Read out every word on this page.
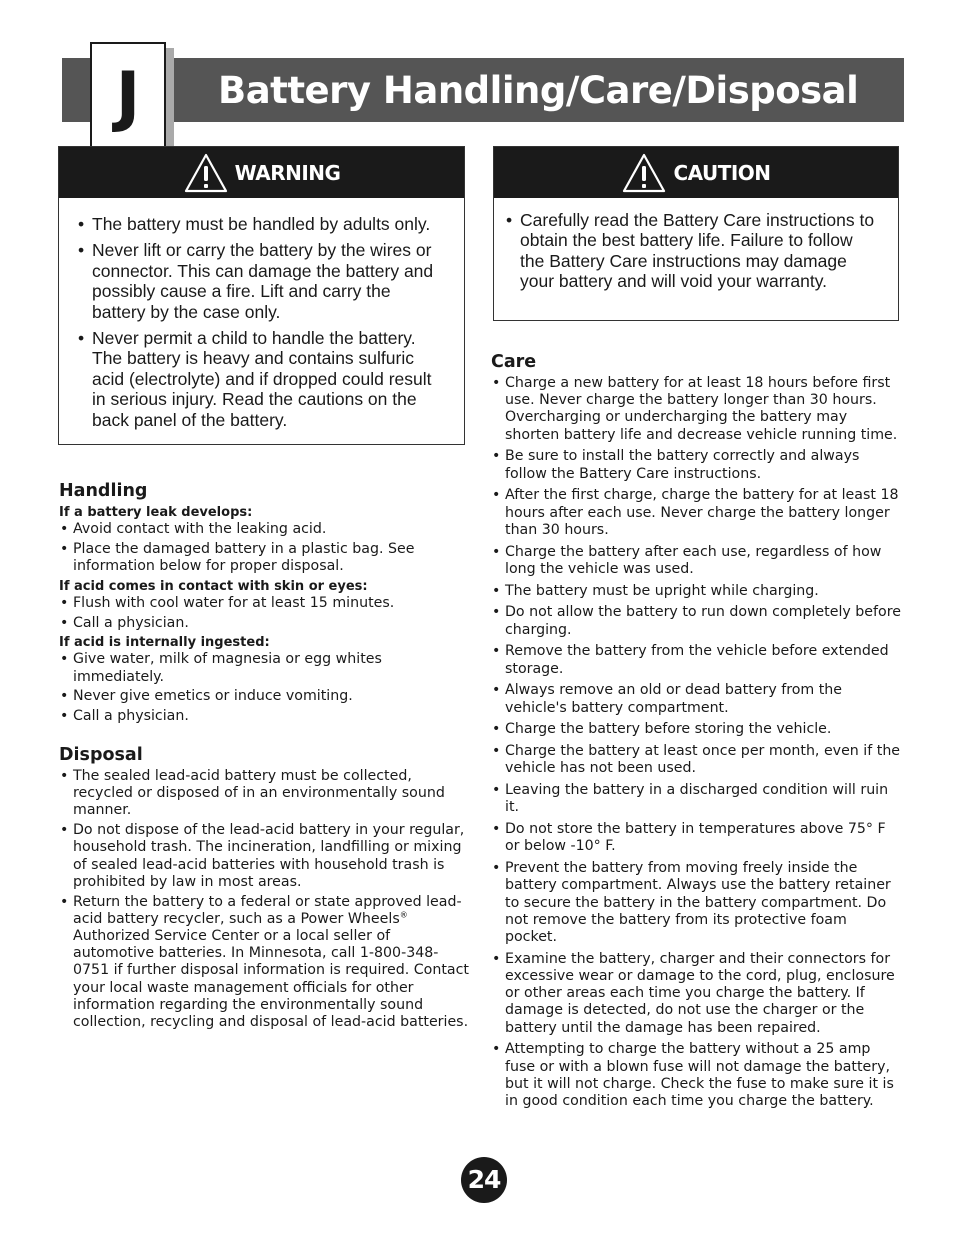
Battery Handling/Care/Disposal
J
WARNING
• The battery must be handled by adults only.
• Never lift or carry the battery by the wires or connector. This can damage the battery and possibly cause a fire. Lift and carry the battery by the case only.
• Never permit a child to handle the battery. The battery is heavy and contains sulfuric acid (electrolyte) and if dropped could result in serious injury. Read the cautions on the back panel of the battery.
CAUTION
• Carefully read the Battery Care instructions to obtain the best battery life. Failure to follow the Battery Care instructions may damage your battery and will void your warranty.
Handling
If a battery leak develops:
• Avoid contact with the leaking acid.
• Place the damaged battery in a plastic bag. See information below for proper disposal.
If acid comes in contact with skin or eyes:
• Flush with cool water for at least 15 minutes.
• Call a physician.
If acid is internally ingested:
• Give water, milk of magnesia or egg whites immediately.
• Never give emetics or induce vomiting.
• Call a physician.
Disposal
• The sealed lead-acid battery must be collected, recycled or disposed of in an environmentally sound manner.
• Do not dispose of the lead-acid battery in your regular, household trash. The incineration, landfilling or mixing of sealed lead-acid batteries with household trash is prohibited by law in most areas.
• Return the battery to a federal or state approved lead-acid battery recycler, such as a Power Wheels® Authorized Service Center or a local seller of automotive batteries. In Minnesota, call 1-800-348-0751 if further disposal information is required. Contact your local waste management officials for other information regarding the environmentally sound collection, recycling and disposal of lead-acid batteries.
Care
• Charge a new battery for at least 18 hours before first use. Never charge the battery longer than 30 hours. Overcharging or undercharging the battery may shorten battery life and decrease vehicle running time.
• Be sure to install the battery correctly and always follow the Battery Care instructions.
• After the first charge, charge the battery for at least 18 hours after each use. Never charge the battery longer than 30 hours.
• Charge the battery after each use, regardless of how long the vehicle was used.
• The battery must be upright while charging.
• Do not allow the battery to run down completely before charging.
• Remove the battery from the vehicle before extended storage.
• Always remove an old or dead battery from the vehicle's battery compartment.
• Charge the battery before storing the vehicle.
• Charge the battery at least once per month, even if the vehicle has not been used.
• Leaving the battery in a discharged condition will ruin it.
• Do not store the battery in temperatures above 75° F or below -10° F.
• Prevent the battery from moving freely inside the battery compartment. Always use the battery retainer to secure the battery in the battery compartment. Do not remove the battery from its protective foam pocket.
• Examine the battery, charger and their connectors for excessive wear or damage to the cord, plug, enclosure or other areas each time you charge the battery. If damage is detected, do not use the charger or the battery until the damage has been repaired.
• Attempting to charge the battery without a 25 amp fuse or with a blown fuse will not damage the battery, but it will not charge. Check the fuse to make sure it is in good condition each time you charge the battery.
24
